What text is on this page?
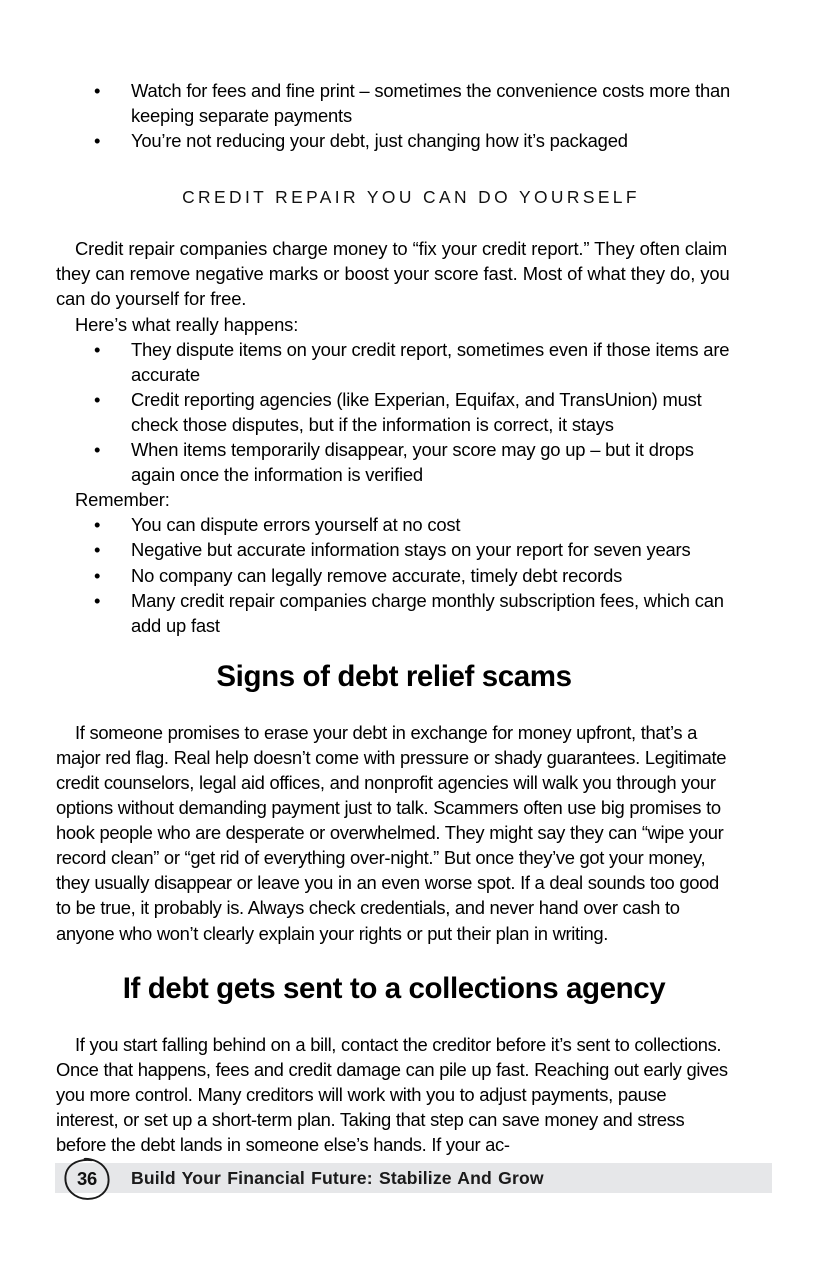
• Watch for fees and fine print – sometimes the convenience costs more than keeping separate payments
• You’re not reducing your debt, just changing how it’s packaged
CREDIT REPAIR YOU CAN DO YOURSELF

Credit repair companies charge money to “fix your credit report.” They often claim they can remove negative marks or boost your score fast. Most of what they do, you can do yourself for free.

Here’s what really happens:

• They dispute items on your credit report, sometimes even if those items are accurate
• Credit reporting agencies (like Experian, Equifax, and TransUnion) must check those disputes, but if the information is correct, it stays
• When items temporarily disappear, your score may go up – but it drops again once the information is verified

Remember:

• You can dispute errors yourself at no cost
• Negative but accurate information stays on your report for seven years
• No company can legally remove accurate, timely debt records
• Many credit repair companies charge monthly subscription fees, which can add up fast
Signs of debt relief scams

If someone promises to erase your debt in exchange for money upfront, that’s a major red flag. Real help doesn’t come with pressure or shady guarantees. Legitimate credit counselors, legal aid offices, and nonprofit agencies will walk you through your options without demanding payment just to talk. Scammers often use big promises to hook people who are desperate or overwhelmed. They might say they can “wipe your record clean” or “get rid of everything over-night.” But once they’ve got your money, they usually disappear or leave you in an even worse spot. If a deal sounds too good to be true, it probably is. Always check credentials, and never hand over cash to anyone who won’t clearly explain your rights or put their plan in writing.

If debt gets sent to a collections agency

If you start falling behind on a bill, contact the creditor before it’s sent to collections. Once that happens, fees and credit damage can pile up fast. Reaching out early gives you more control. Many creditors will work with you to adjust payments, pause interest, or set up a short-term plan. Taking that step can save money and stress before the debt lands in someone else’s hands. If your ac-

36	Build Your Financial Future: Stabilize And Grow
